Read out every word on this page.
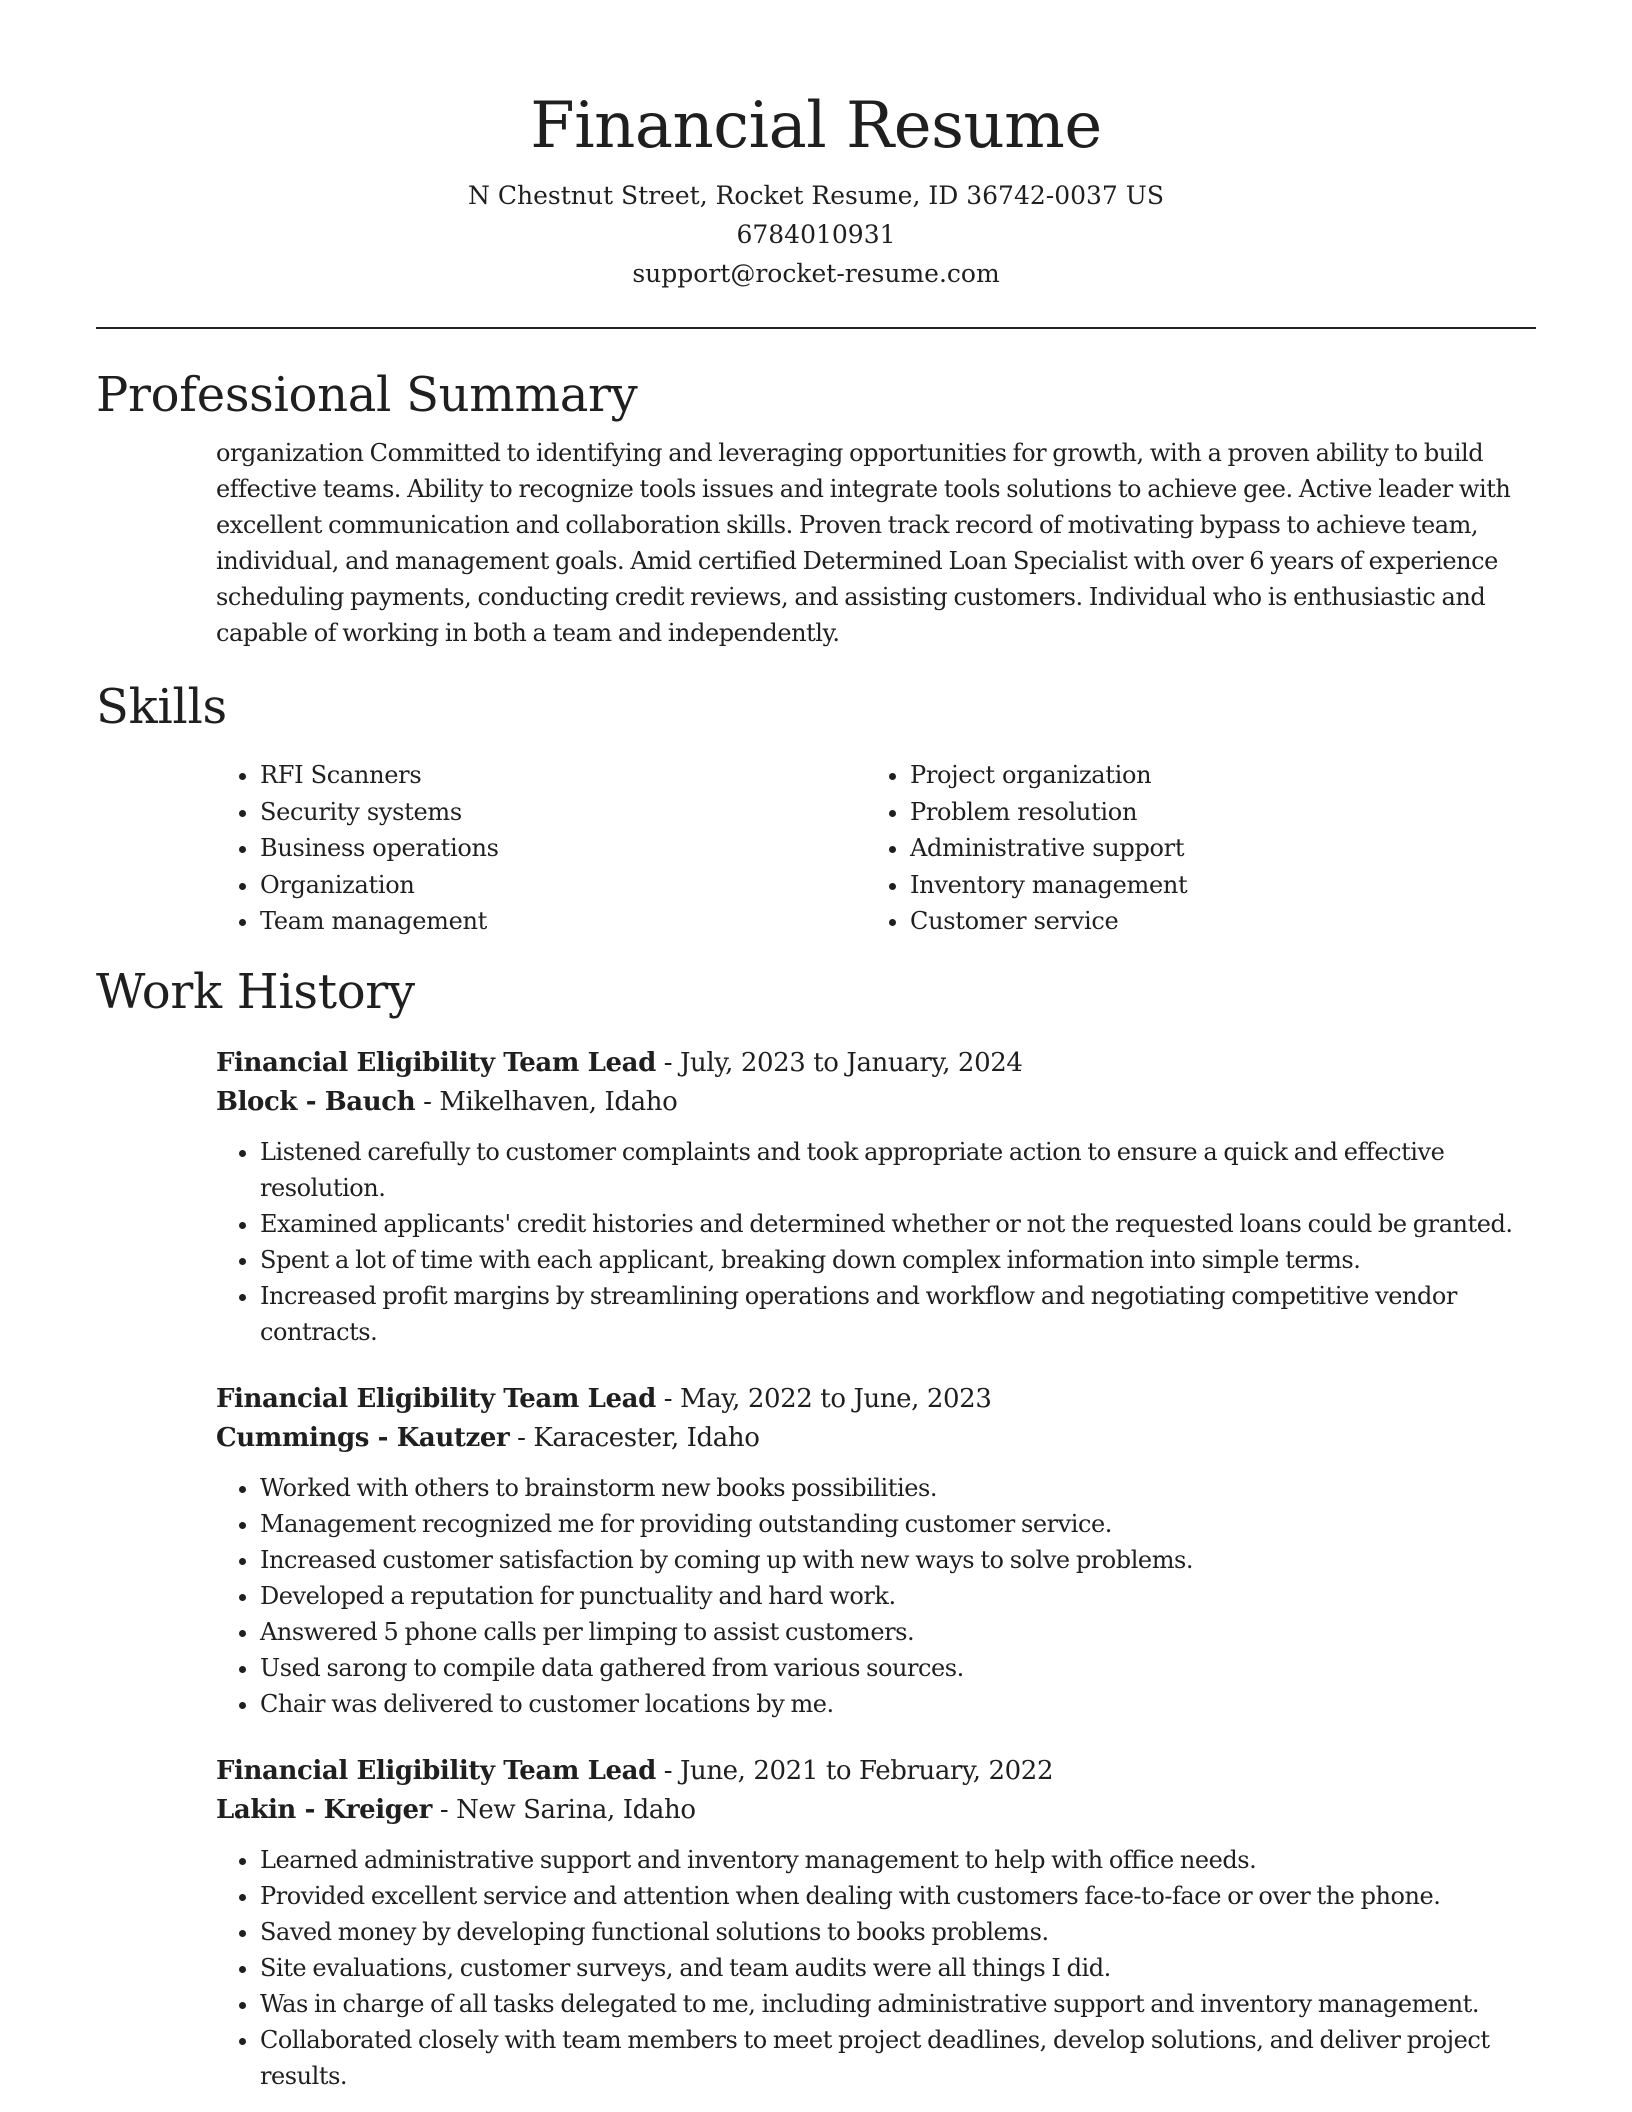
Financial Resume
N Chestnut Street, Rocket Resume, ID 36742-0037 US
6784010931
support@rocket-resume.com
Professional Summary
organization Committed to identifying and leveraging opportunities for growth, with a proven ability to build effective teams. Ability to recognize tools issues and integrate tools solutions to achieve gee. Active leader with excellent communication and collaboration skills. Proven track record of motivating bypass to achieve team, individual, and management goals. Amid certified Determined Loan Specialist with over 6 years of experience scheduling payments, conducting credit reviews, and assisting customers. Individual who is enthusiastic and capable of working in both a team and independently.
Skills
• RFI Scanners
• Security systems
• Business operations
• Organization
• Team management
• Project organization
• Problem resolution
• Administrative support
• Inventory management
• Customer service
Work History
Financial Eligibility Team Lead - July, 2023 to January, 2024
Block - Bauch - Mikelhaven, Idaho
• Listened carefully to customer complaints and took appropriate action to ensure a quick and effective resolution.
• Examined applicants' credit histories and determined whether or not the requested loans could be granted.
• Spent a lot of time with each applicant, breaking down complex information into simple terms.
• Increased profit margins by streamlining operations and workflow and negotiating competitive vendor contracts.
Financial Eligibility Team Lead - May, 2022 to June, 2023
Cummings - Kautzer - Karacester, Idaho
• Worked with others to brainstorm new books possibilities.
• Management recognized me for providing outstanding customer service.
• Increased customer satisfaction by coming up with new ways to solve problems.
• Developed a reputation for punctuality and hard work.
• Answered 5 phone calls per limping to assist customers.
• Used sarong to compile data gathered from various sources.
• Chair was delivered to customer locations by me.
Financial Eligibility Team Lead - June, 2021 to February, 2022
Lakin - Kreiger - New Sarina, Idaho
• Learned administrative support and inventory management to help with office needs.
• Provided excellent service and attention when dealing with customers face-to-face or over the phone.
• Saved money by developing functional solutions to books problems.
• Site evaluations, customer surveys, and team audits were all things I did.
• Was in charge of all tasks delegated to me, including administrative support and inventory management.
• Collaborated closely with team members to meet project deadlines, develop solutions, and deliver project results.
